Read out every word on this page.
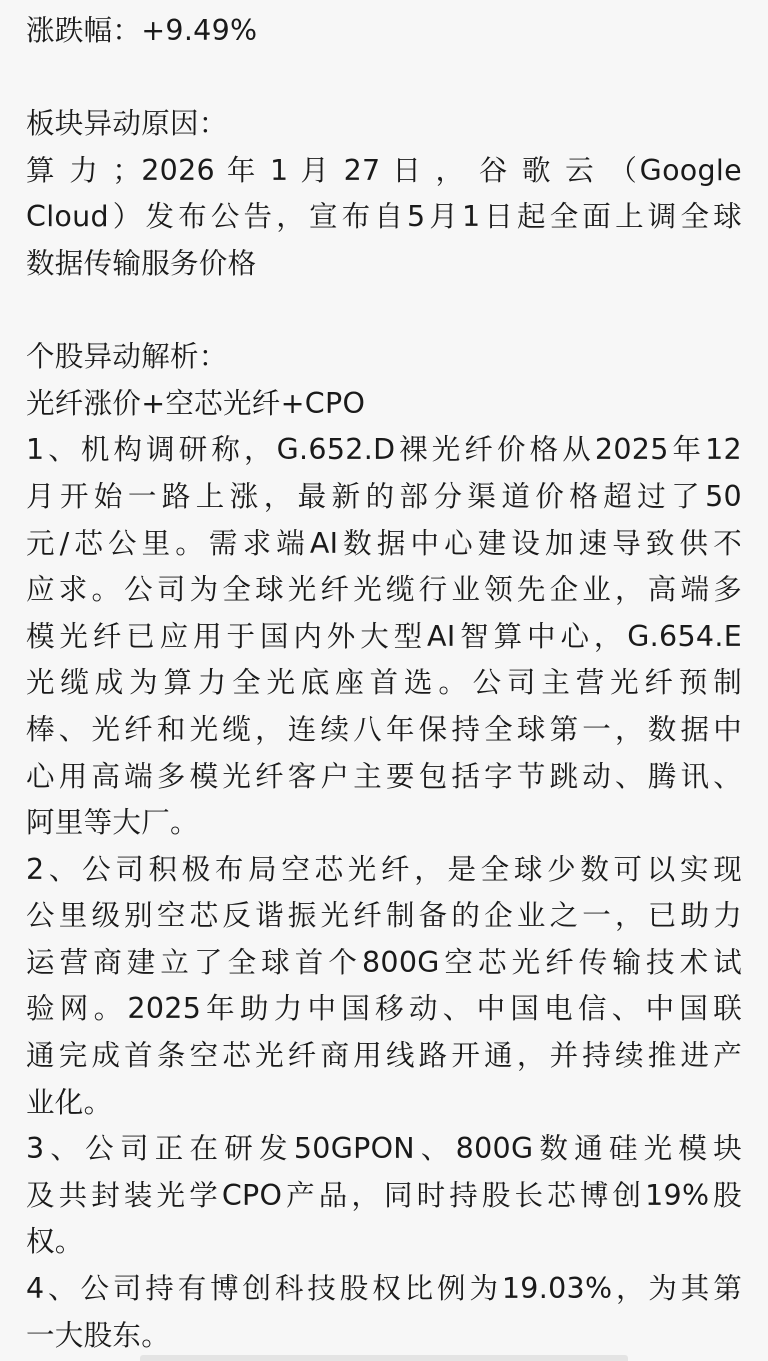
涨跌幅：+9.49%
板块异动原因：
算 力 ；2026 年 1 月 27 日 ， 谷 歌 云 （Google
Cloud）发布公告，宣布自5月1日起全面上调全球
数据传输服务价格
个股异动解析：
光纤涨价+空芯光纤+CPO
1、机构调研称，G.652.D裸光纤价格从2025年12
月开始一路上涨，最新的部分渠道价格超过了50
元/芯公里。需求端AI数据中心建设加速导致供不
应求。公司为全球光纤光缆行业领先企业，高端多
模光纤已应用于国内外大型AI智算中心，G.654.E
光缆成为算力全光底座首选。公司主营光纤预制
棒、光纤和光缆，连续八年保持全球第一，数据中
心用高端多模光纤客户主要包括字节跳动、腾讯、
阿里等大厂。
2、公司积极布局空芯光纤，是全球少数可以实现
公里级别空芯反谐振光纤制备的企业之一，已助力
运营商建立了全球首个800G空芯光纤传输技术试
验网。2025年助力中国移动、中国电信、中国联
通完成首条空芯光纤商用线路开通，并持续推进产
业化。
3、公司正在研发50GPON、800G数通硅光模块
及共封装光学CPO产品，同时持股长芯博创19%股
权。
4、公司持有博创科技股权比例为19.03%，为其第
一大股东。
